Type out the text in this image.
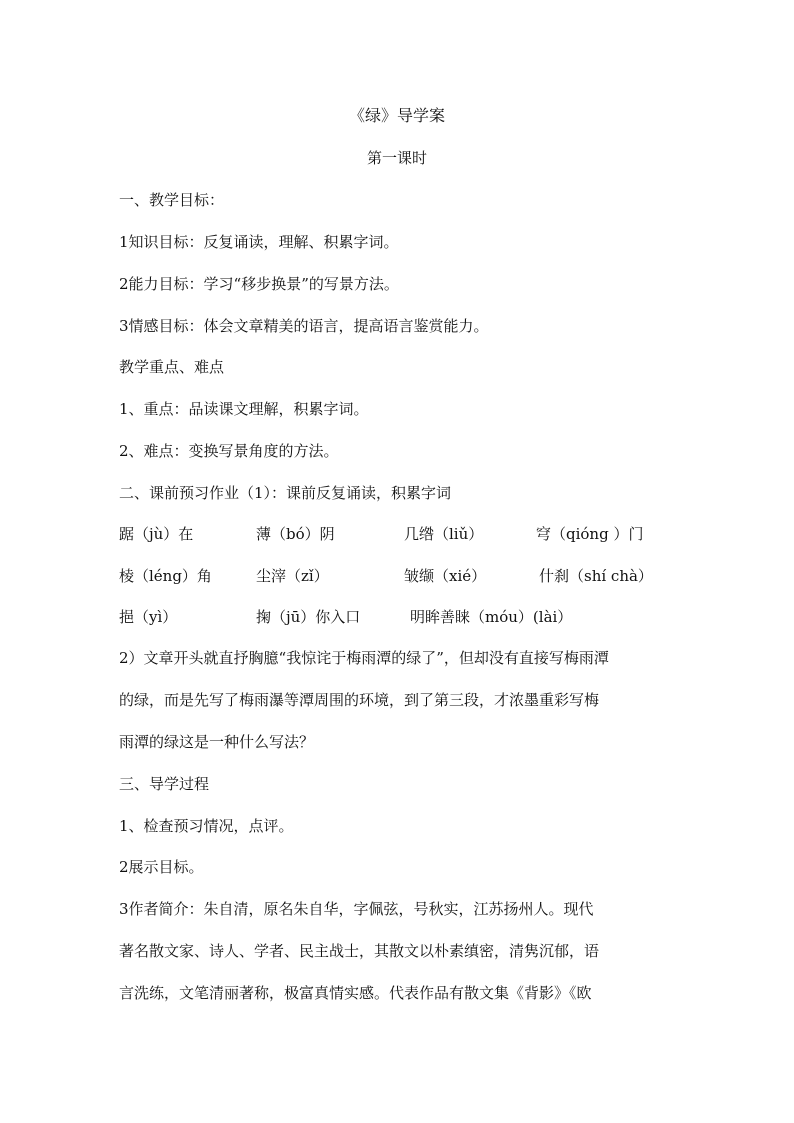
《绿》导学案
第一课时
一、教学目标：
1知识目标：反复诵读，理解、积累字词。
2能力目标：学习“移步换景”的写景方法。
3情感目标：体会文章精美的语言，提高语言鉴赏能力。
教学重点、难点
1、重点：品读课文理解，积累字词。
2、难点：变换写景角度的方法。
二、课前预习作业（1）：课前反复诵读，积累字词
踞（jù）在	薄（bó）阴	几绺（liǔ）	穹（qióng ）门
棱（léng）角	尘滓（zǐ）	皱缬（xié）	什刹（shí chà）
挹（yì）	掬（jū）你入口	明眸善睐（móu）(lài）
2）文章开头就直抒胸臆“我惊诧于梅雨潭的绿了”，但却没有直接写梅雨潭
的绿，而是先写了梅雨瀑等潭周围的环境，到了第三段，才浓墨重彩写梅
雨潭的绿这是一种什么写法？
三、导学过程
1、检查预习情况，点评。
2展示目标。
3作者简介：朱自清，原名朱自华，字佩弦，号秋实，江苏扬州人。现代
著名散文家、诗人、学者、民主战士，其散文以朴素缜密，清隽沉郁，语
言洗练，文笔清丽著称，极富真情实感。代表作品有散文集《背影》《欧
